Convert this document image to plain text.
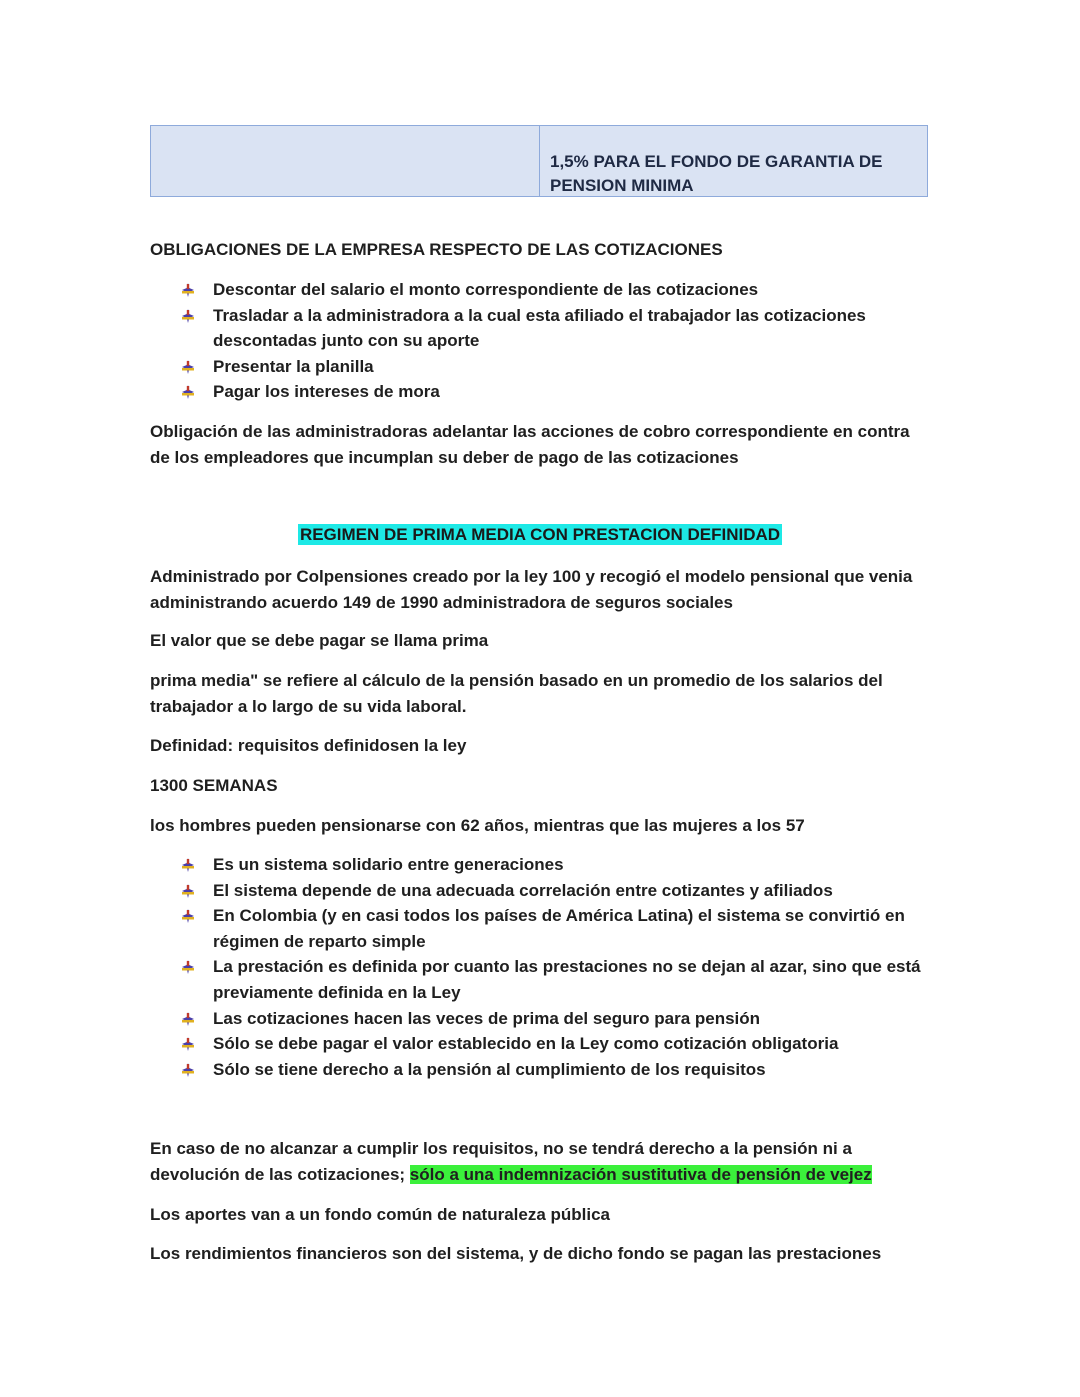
1,5% PARA EL FONDO DE GARANTIA DE PENSION MINIMA
OBLIGACIONES DE LA EMPRESA RESPECTO DE LAS COTIZACIONES
Descontar del salario el monto correspondiente de las cotizaciones
Trasladar a la administradora a la cual esta afiliado el trabajador las cotizaciones descontadas junto con su aporte
Presentar la planilla
Pagar los intereses de mora
Obligación de las administradoras adelantar las acciones de cobro correspondiente en contra de los empleadores que incumplan su deber de pago de las cotizaciones
REGIMEN DE PRIMA MEDIA CON PRESTACION DEFINIDAD
Administrado por Colpensiones creado por la ley 100 y recogió el modelo pensional que venia administrando acuerdo 149 de 1990 administradora de seguros sociales
El valor que se debe pagar se llama prima
prima media" se refiere al cálculo de la pensión basado en un promedio de los salarios del trabajador a lo largo de su vida laboral.
Definidad: requisitos definidosen la ley
1300 SEMANAS
los hombres pueden pensionarse con 62 años, mientras que las mujeres a los 57
Es un sistema solidario entre generaciones
El sistema depende de una adecuada correlación entre cotizantes y afiliados
En Colombia (y en casi todos los países de América Latina) el sistema se convirtió en régimen de reparto simple
La prestación es definida por cuanto las prestaciones no se dejan al azar, sino que está previamente definida en la Ley
Las cotizaciones hacen las veces de prima del seguro para pensión
Sólo se debe pagar el valor establecido en la Ley como cotización obligatoria
Sólo se tiene derecho a la pensión al cumplimiento de los requisitos
En caso de no alcanzar a cumplir los requisitos, no se tendrá derecho a la pensión ni a devolución de las cotizaciones; sólo a una indemnización sustitutiva de pensión de vejez
Los aportes van a un fondo común de naturaleza pública
Los rendimientos financieros son del sistema, y de dicho fondo se pagan las prestaciones
